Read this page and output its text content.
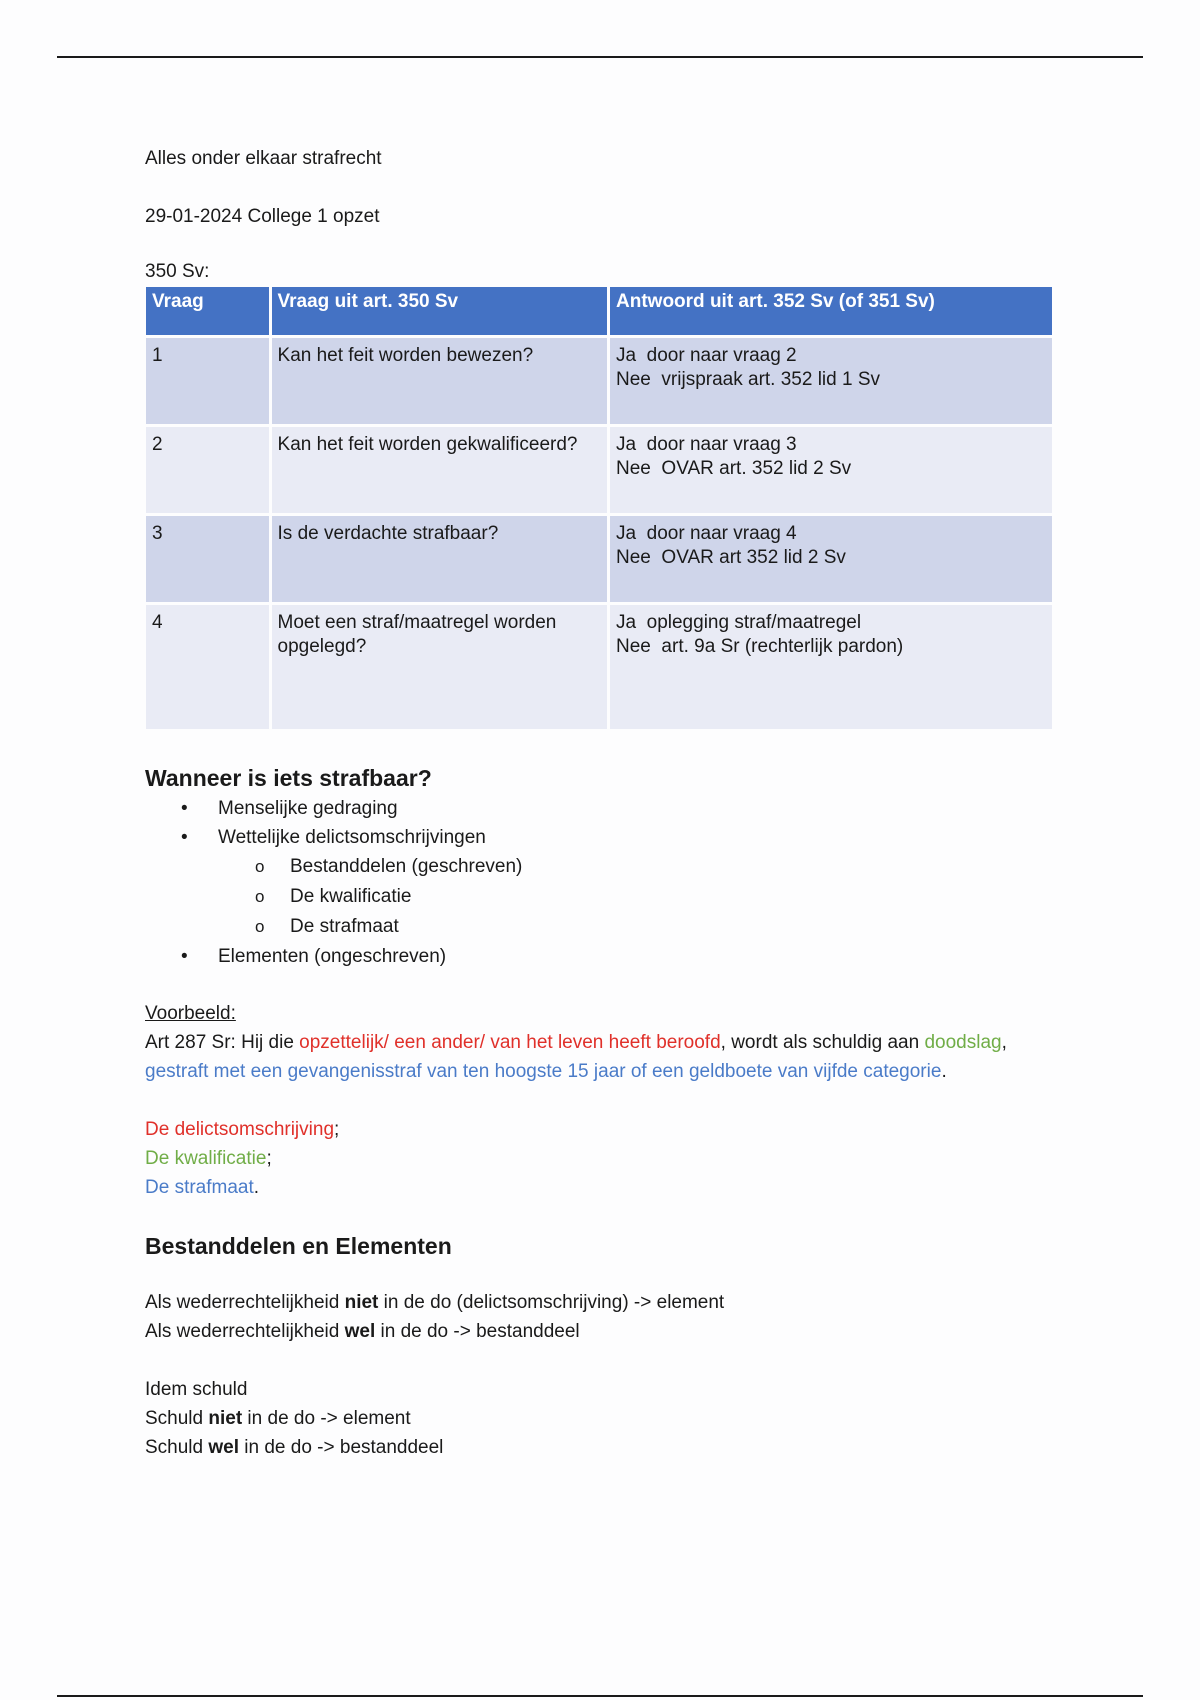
Alles onder elkaar strafrecht
29-01-2024 College 1 opzet
350 Sv:
Vraag	Vraag uit art. 350 Sv	Antwoord uit art. 352 Sv (of 351 Sv)
1	Kan het feit worden bewezen?	Ja  door naar vraag 2
Nee  vrijspraak art. 352 lid 1 Sv

2	Kan het feit worden gekwalificeerd?	Ja  door naar vraag 3
Nee  OVAR art. 352 lid 2 Sv

3	Is de verdachte strafbaar?	Ja  door naar vraag 4
Nee  OVAR art 352 lid 2 Sv

4	Moet een straf/maatregel worden opgelegd?	Ja  oplegging straf/maatregel
Nee  art. 9a Sr (rechterlijk pardon)
Wanneer is iets strafbaar?
• Menselijke gedraging
• Wettelijke delictsomschrijvingen
o Bestanddelen (geschreven)
o De kwalificatie
o De strafmaat
• Elementen (ongeschreven)

Voorbeeld:

Art 287 Sr: Hij die opzettelijk/ een ander/ van het leven heeft beroofd, wordt als schuldig aan doodslag, gestraft met een gevangenisstraf van ten hoogste 15 jaar of een geldboete van vijfde categorie.

De delictsomschrijving;

De kwalificatie;

De strafmaat.

Bestanddelen en Elementen

Als wederrechtelijkheid niet in de do (delictsomschrijving) -> element

Als wederrechtelijkheid wel in de do -> bestanddeel

Idem schuld

Schuld niet in de do -> element

Schuld wel in de do -> bestanddeel
